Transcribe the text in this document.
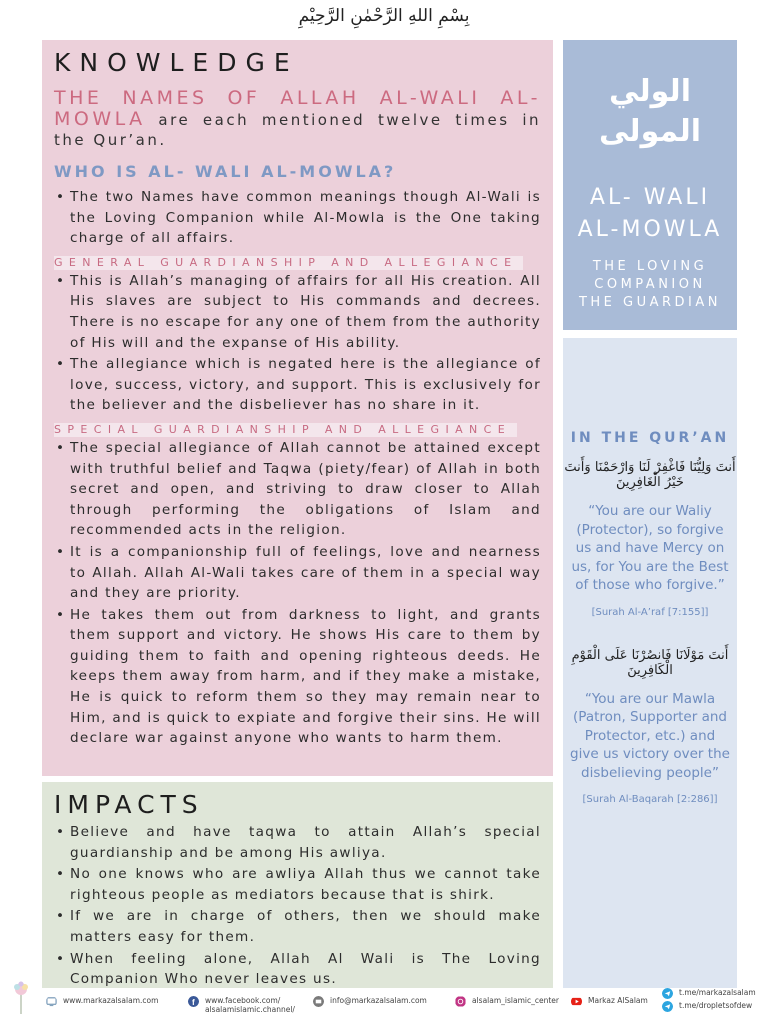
بِسْمِ اللهِ الرَّحْمٰنِ الرَّحِيْمِ
KNOWLEDGE

THE NAMES OF ALLAH AL-WALI AL-MOWLA are each mentioned twelve times in the Qur’an.

WHO IS AL- WALI AL-MOWLA?
• The two Names have common meanings though Al-Wali is the Loving Companion while Al-Mowla is the One taking charge of all affairs.
GENERAL GUARDIANSHIP AND ALLEGIANCE
• This is Allah’s managing of affairs for all His creation. All His slaves are subject to His commands and decrees. There is no escape for any one of them from the authority of His will and the expanse of His ability.
• The allegiance which is negated here is the allegiance of love, success, victory, and support. This is exclusively for the believer and the disbeliever has no share in it.
SPECIAL GUARDIANSHIP AND ALLEGIANCE
• The special allegiance of Allah cannot be attained except with truthful belief and Taqwa (piety/fear) of Allah in both secret and open, and striving to draw closer to Allah through performing the obligations of Islam and recommended acts in the religion.
• It is a companionship full of feelings, love and nearness to Allah. Allah Al-Wali takes care of them in a special way and they are priority.
• He takes them out from darkness to light, and grants them support and victory. He shows His care to them by guiding them to faith and opening righteous deeds. He keeps them away from harm, and if they make a mistake, He is quick to reform them so they may remain near to Him, and is quick to expiate and forgive their sins. He will declare war against anyone who wants to harm them.
IMPACTS
• Believe and have taqwa to attain Allah’s special guardianship and be among His awliya.
• No one knows who are awliya Allah thus we cannot take righteous people as mediators because that is shirk.
• If we are in charge of others, then we should make matters easy for them.
• When feeling alone, Allah Al Wali is The Loving Companion Who never leaves us.
الولي
المولى
AL- WALI
AL-MOWLA
THE LOVING
COMPANION
THE GUARDIAN
IN THE QUR’AN
أَنتَ وَلِيُّنَا فَاغْفِرْ لَنَا وَارْحَمْنَا وَأَنتَ خَيْرُ الْغَافِرِينَ
“You are our Waliy (Protector), so forgive us and have Mercy on us, for You are the Best of those who forgive.”
[Surah Al-A’raf [7:155]]
أَنتَ مَوْلَانَا فَانصُرْنَا عَلَى الْقَوْمِ الْكَافِرِينَ
“You are our Mawla (Patron, Supporter and Protector, etc.) and give us victory over the disbelieving people”
[Surah Al-Baqarah [2:286]]
www.markazalsalam.com	f www.facebook.com/
alsalamislamic.channel/
info@markazalsalam.com	alsalam_islamic_center	Markaz AlSalam
t.me/markazalsalam
t.me/dropletsofdew
